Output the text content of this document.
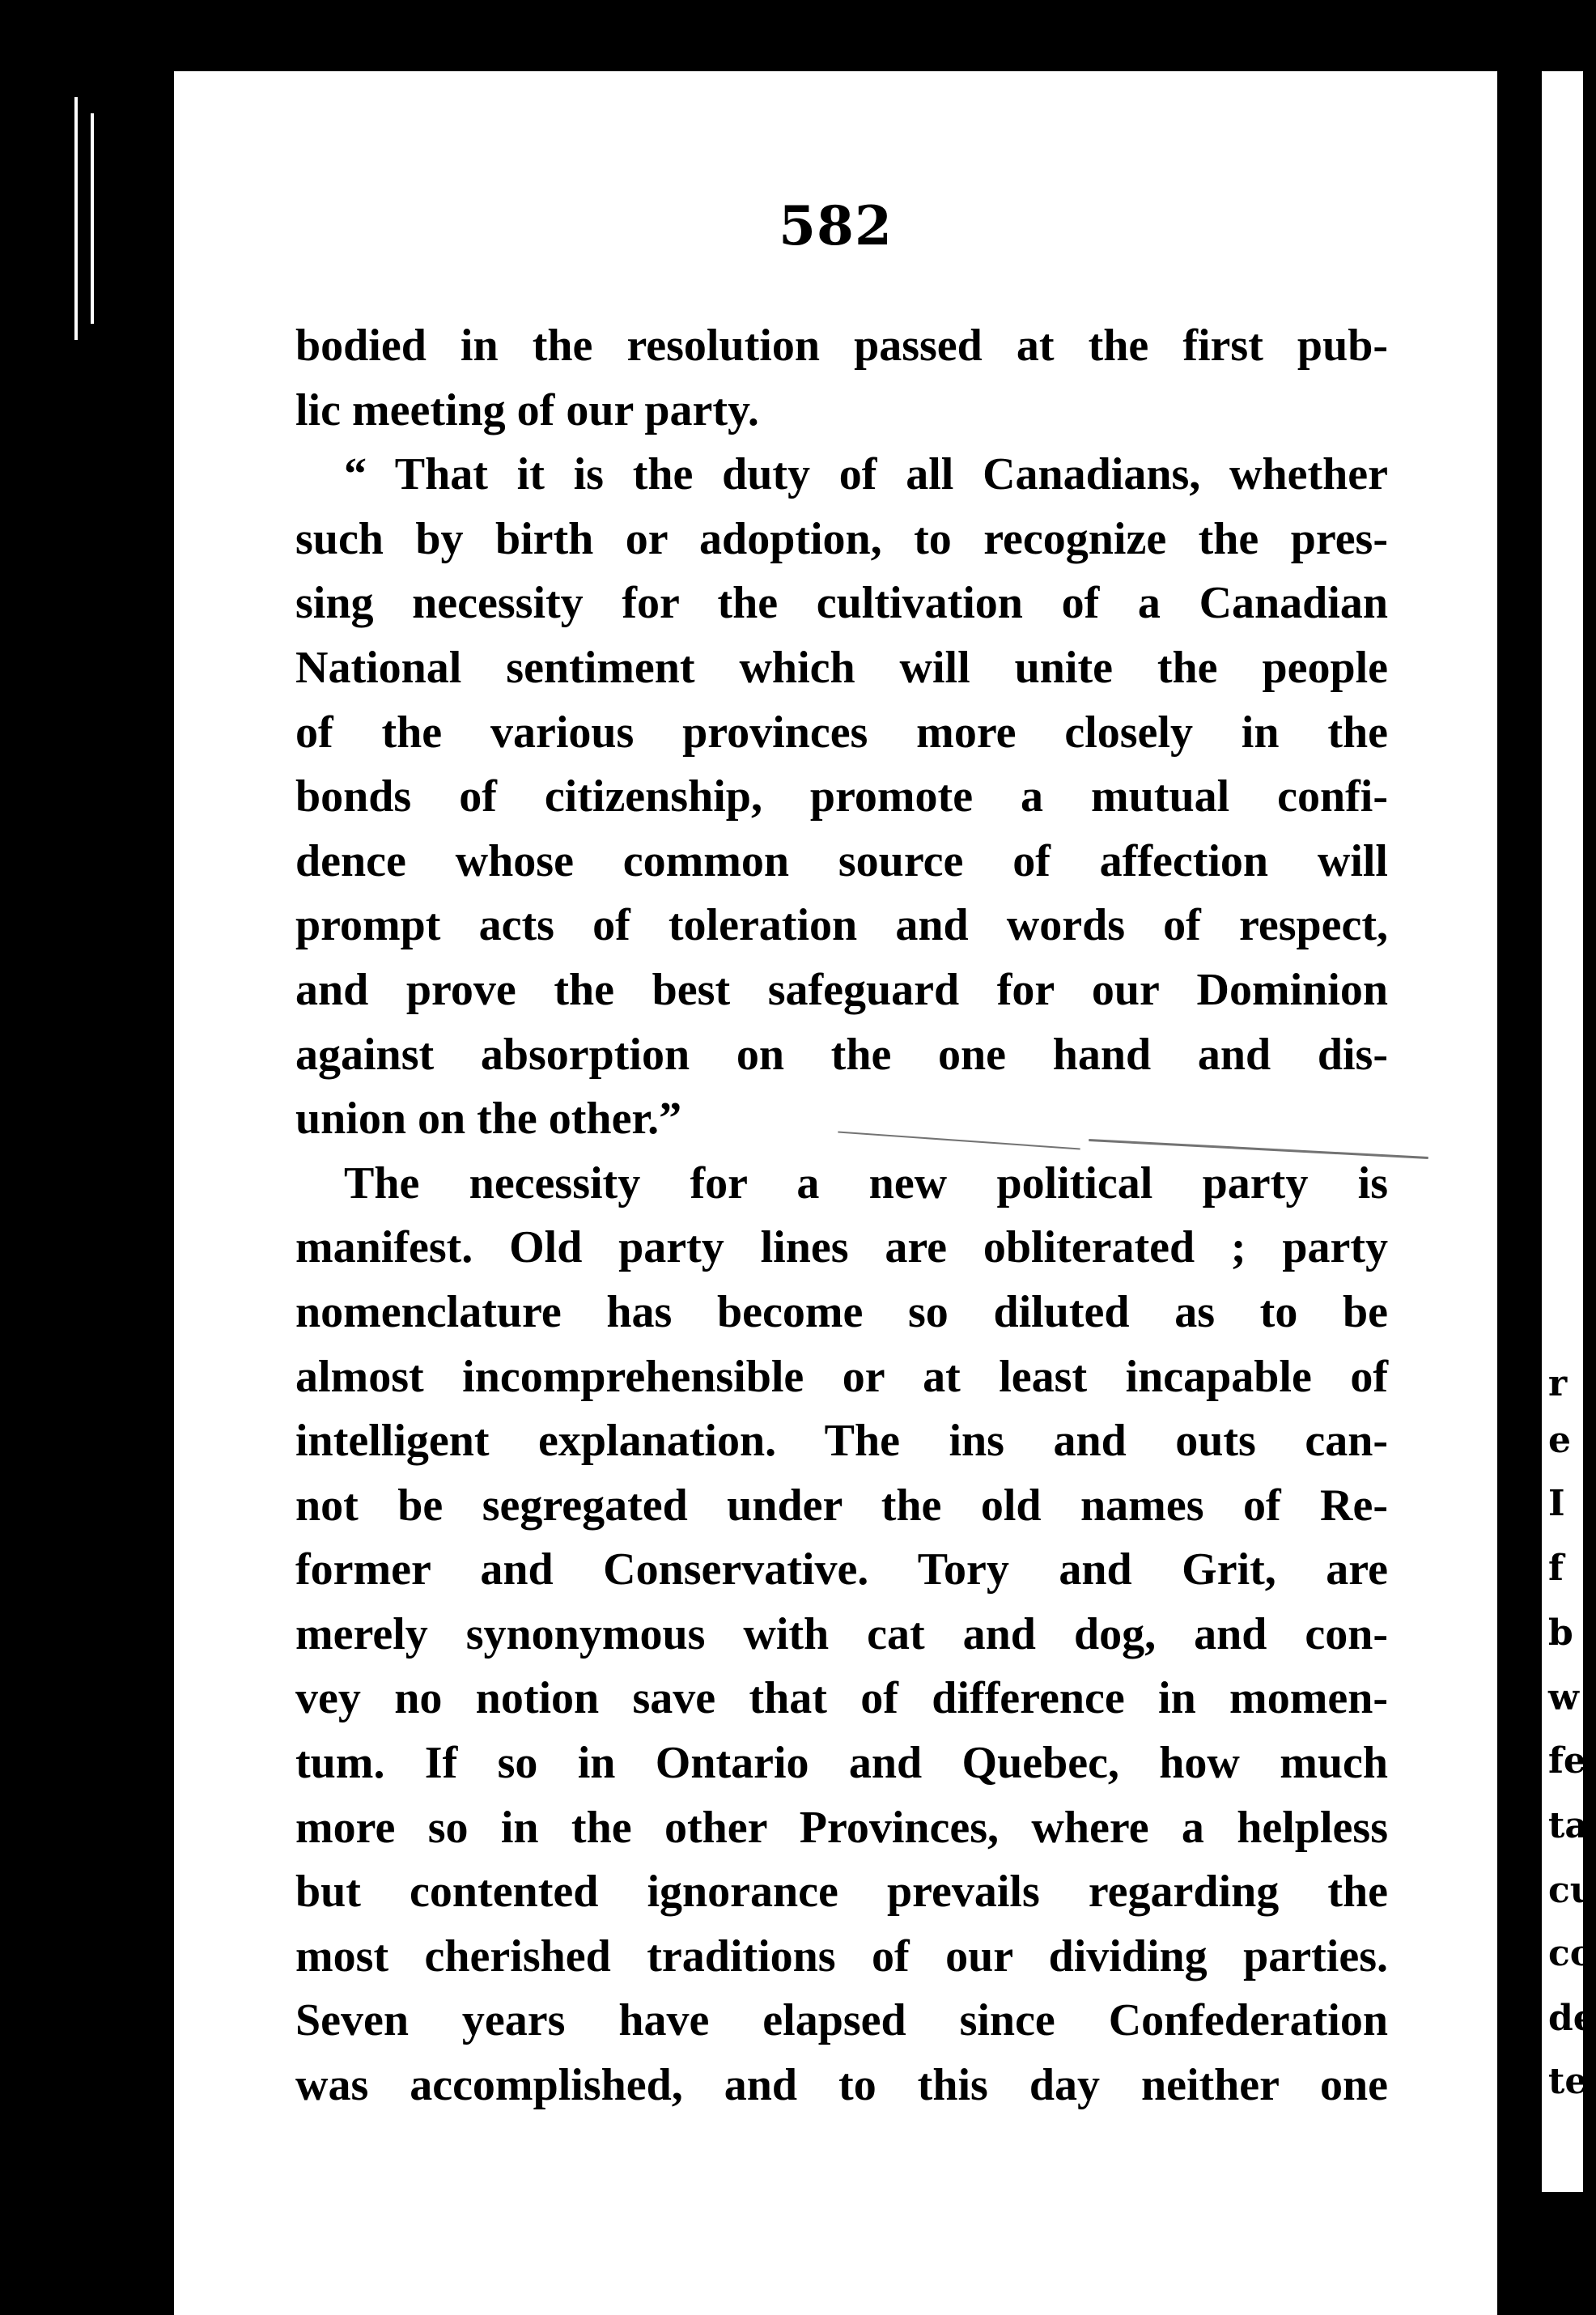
582
bodied in the resolution passed at the first pub-
lic meeting of our party.
“ That it is the duty of all Canadians, whether
such by birth or adoption, to recognize the pres-
sing necessity for the cultivation of a Canadian
National sentiment which will unite the people
of the various provinces more closely in the
bonds of citizenship, promote a mutual confi-
dence whose common source of affection will
prompt acts of toleration and words of respect,
and prove the best safeguard for our Dominion
against absorption on the one hand and dis-
union on the other.”
The necessity for a new political party is
manifest. Old party lines are obliterated ; party
nomenclature has become so diluted as to be
almost incomprehensible or at least incapable of
intelligent explanation. The ins and outs can-
not be segregated under the old names of Re-
former and Conservative. Tory and Grit, are
merely synonymous with cat and dog, and con-
vey no notion save that of difference in momen-
tum. If so in Ontario and Quebec, how much
more so in the other Provinces, where a helpless
but contented ignorance prevails regarding the
most cherished traditions of our dividing parties.
Seven years have elapsed since Confederation
was accomplished, and to this day neither one
r
e
I
f
b
w
fe
ta
cu
co
de
te
